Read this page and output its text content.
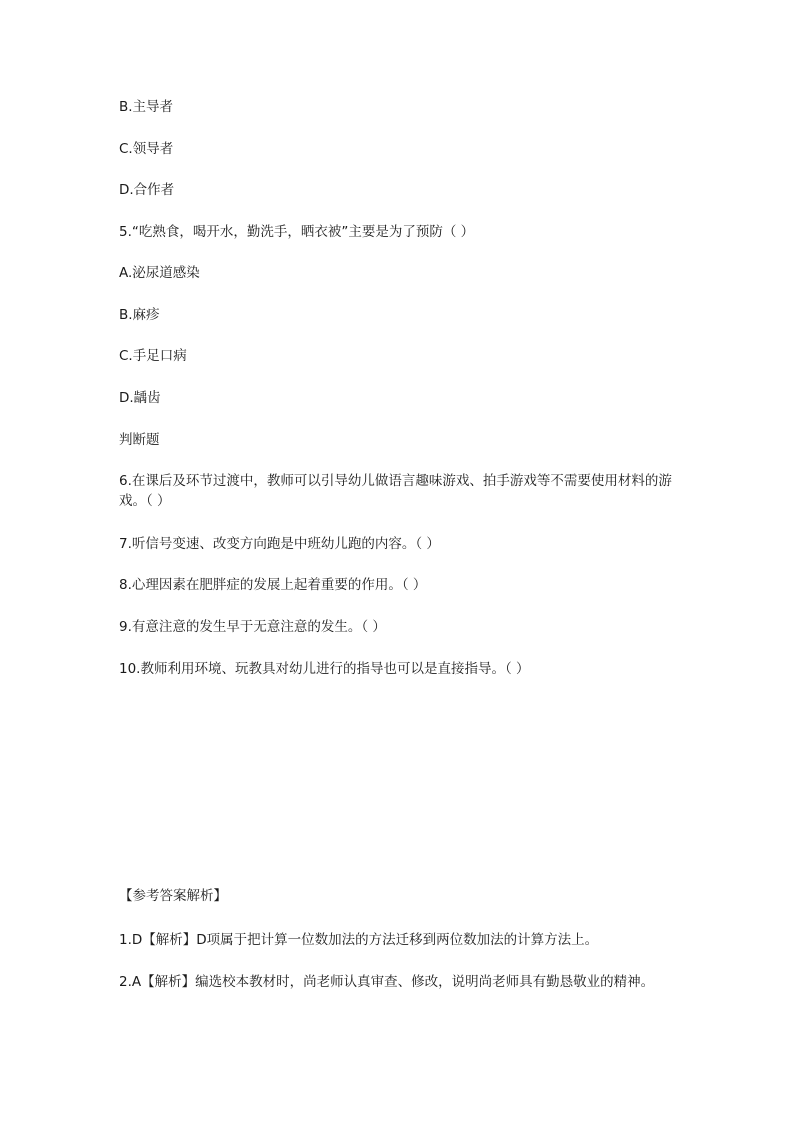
B.主导者

C.领导者

D.合作者

5.“吃熟食，喝开水，勤洗手，晒衣被”主要是为了预防（ ）

A.泌尿道感染

B.麻疹

C.手足口病

D.龋齿

判断题

6.在课后及环节过渡中，教师可以引导幼儿做语言趣味游戏、拍手游戏等不需要使用材料的游戏。（ ）

7.听信号变速、改变方向跑是中班幼儿跑的内容。（ ）

8.心理因素在肥胖症的发展上起着重要的作用。（ ）

9.有意注意的发生早于无意注意的发生。（ ）

10.教师利用环境、玩教具对幼儿进行的指导也可以是直接指导。（ ）

【参考答案解析】

1.D【解析】D项属于把计算一位数加法的方法迁移到两位数加法的计算方法上。

2.A【解析】编选校本教材时，尚老师认真审查、修改，说明尚老师具有勤恳敬业的精神。
